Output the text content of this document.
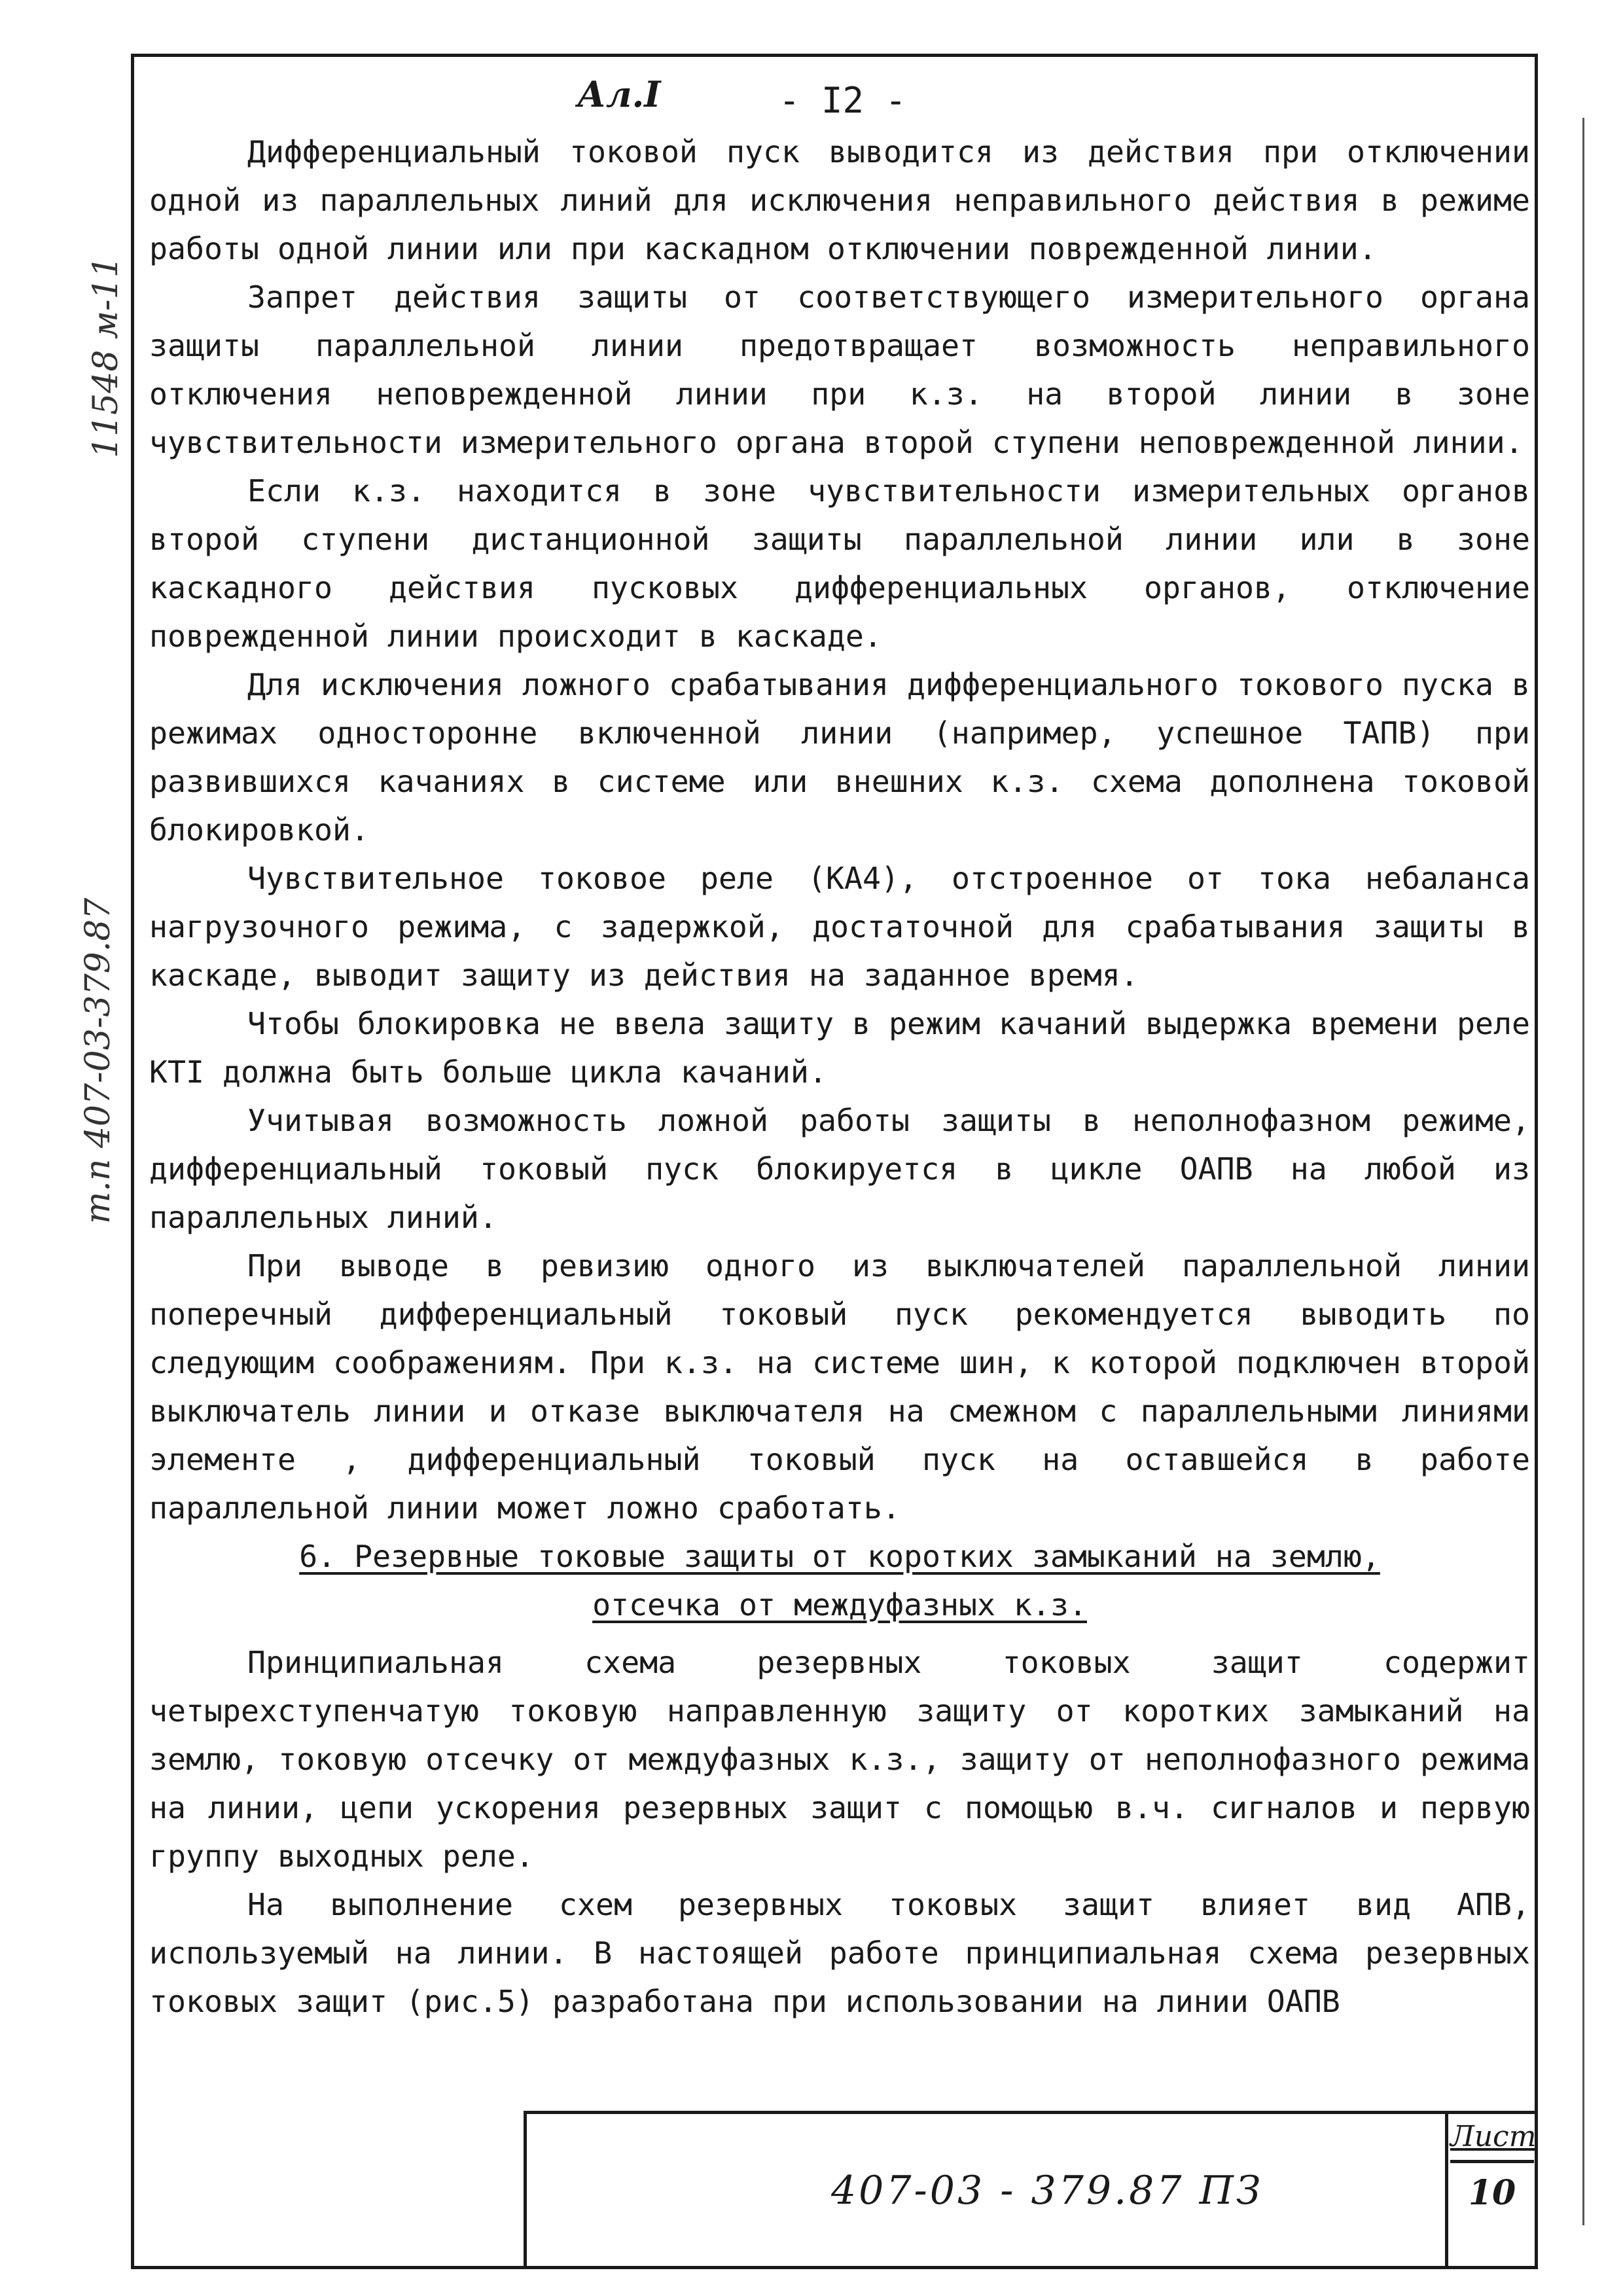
11548 м-11
т.п 407-03-379.87
Ал.I	- I2 -

Дифференциальный токовой пуск выводится из действия при отключении одной из параллельных линий для исключения неправильного действия в режиме работы одной линии или при каскадном отключении поврежденной линии.

Запрет действия защиты от соответствующего измерительного органа защиты параллельной линии предотвращает возможность неправильного отключения неповрежденной линии при к.з. на второй линии в зоне чувствительности измерительного органа второй ступени неповрежденной линии.

Если к.з. находится в зоне чувствительности измерительных органов второй ступени дистанционной защиты параллельной линии или в зоне каскадного действия пусковых дифференциальных органов, отключение поврежденной линии происходит в каскаде.

Для исключения ложного срабатывания дифференциального токового пуска в режимах односторонне включенной линии (например, успешное ТАПВ) при развившихся качаниях в системе или внешних к.з. схема дополнена токовой блокировкой.

Чувствительное токовое реле (КА4), отстроенное от тока небаланса нагрузочного режима, с задержкой, достаточной для срабатывания защиты в каскаде, выводит защиту из действия на заданное время.

Чтобы блокировка не ввела защиту в режим качаний выдержка времени реле КТI должна быть больше цикла качаний.

Учитывая возможность ложной работы защиты в неполнофазном режиме, дифференциальный токовый пуск блокируется в цикле ОАПВ на любой из параллельных линий.

При выводе в ревизию одного из выключателей параллельной линии поперечный дифференциальный токовый пуск рекомендуется выводить по следующим соображениям. При к.з. на системе шин, к которой подключен второй выключатель линии и отказе выключателя на смежном с параллельными линиями элементе , дифференциальный токовый пуск на оставшейся в работе параллельной линии может ложно сработать.

6. Резервные токовые защиты от коротких замыканий на землю,
отсечка от междуфазных к.з.

Принципиальная схема резервных токовых защит содержит четырехступенчатую токовую направленную защиту от коротких замыканий на землю, токовую отсечку от междуфазных к.з., защиту от неполнофазного режима на линии, цепи ускорения резервных защит с помощью в.ч. сигналов и первую группу выходных реле.

На выполнение схем резервных токовых защит влияет вид АПВ, используемый на линии. В настоящей работе принципиальная схема резервных токовых защит (рис.5) разработана при использовании на линии ОАПВ

407-03 - 379.87 ПЗ
Лист
10
